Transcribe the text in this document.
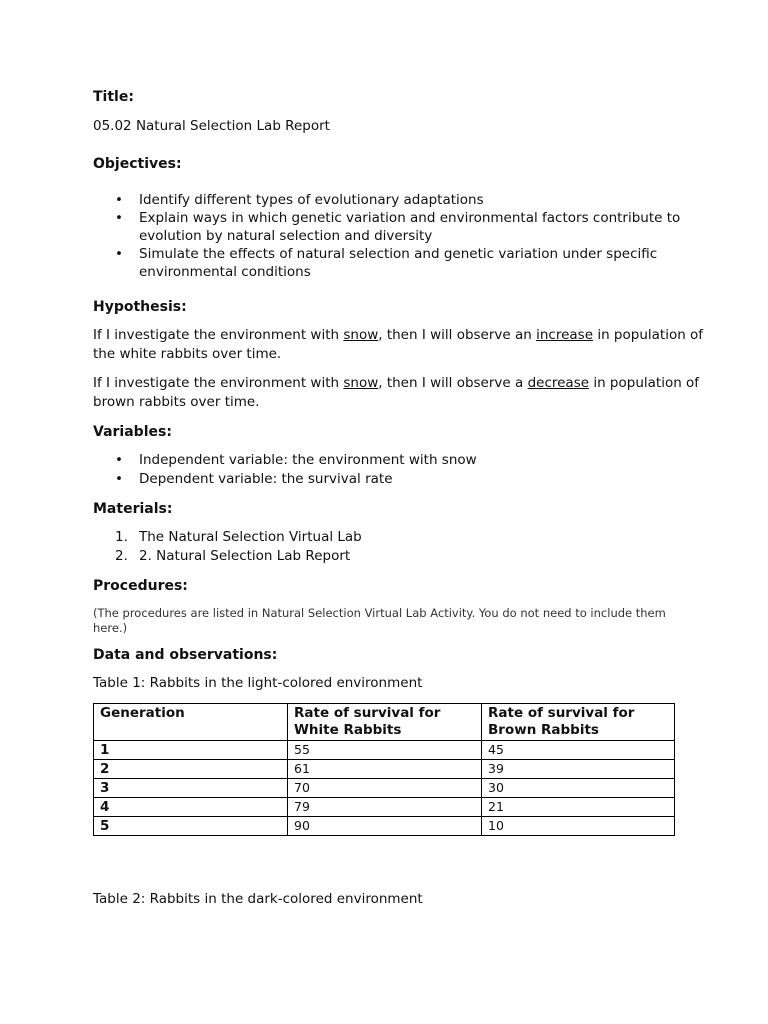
Title:
05.02 Natural Selection Lab Report
Objectives:
• Identify different types of evolutionary adaptations
• Explain ways in which genetic variation and environmental factors contribute to
evolution by natural selection and diversity
• Simulate the effects of natural selection and genetic variation under specific
environmental conditions
Hypothesis:
If I investigate the environment with snow, then I will observe an increase in population of
the white rabbits over time.
If I investigate the environment with snow, then I will observe a decrease in population of
brown rabbits over time.
Variables:
• Independent variable: the environment with snow
• Dependent variable: the survival rate
Materials:
1. The Natural Selection Virtual Lab
2. 2. Natural Selection Lab Report
Procedures:
(The procedures are listed in Natural Selection Virtual Lab Activity. You do not need to include them
here.)
Data and observations:
Table 1: Rabbits in the light-colored environment
Generation	Rate of survival for White Rabbits	Rate of survival for Brown Rabbits
1	55	45
2	61	39
3	70	30
4	79	21
5	90	10
Table 2: Rabbits in the dark-colored environment
